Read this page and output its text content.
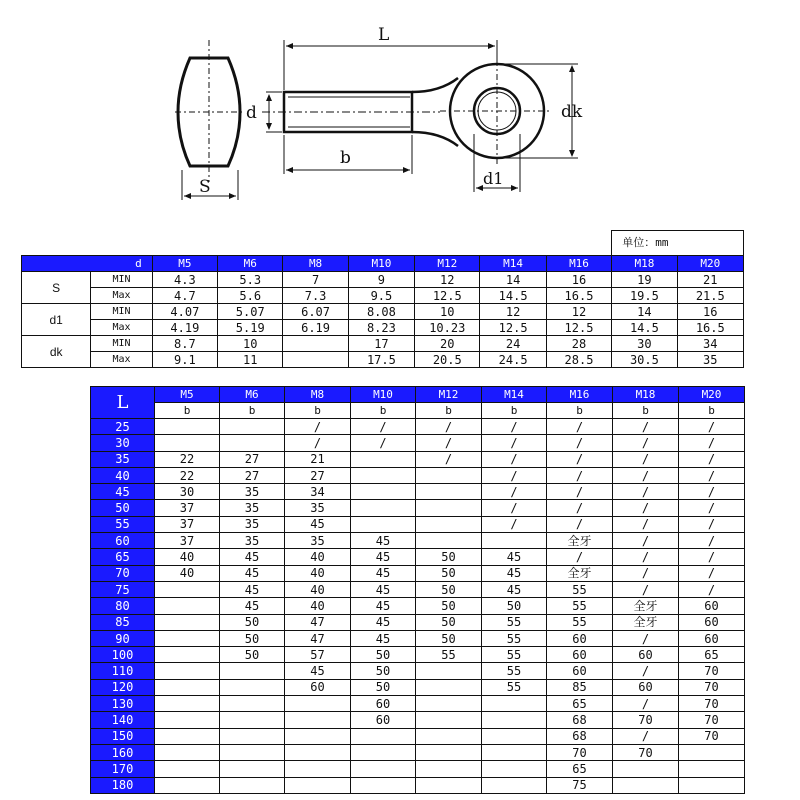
L
d
b
dk
d1
S
									单位：mm	
d		M5	M6	M8	M10	M12	M14	M16	M18	M20
S	MIN	4.3	5.3	7	9	12	14	16	19	21
	Max	4.7	5.6	7.3	9.5	12.5	14.5	16.5	19.5	21.5
d1	MIN	4.07	5.07	6.07	8.08	10	12	12	14	16
	Max	4.19	5.19	6.19	8.23	10.23	12.5	12.5	14.5	16.5
dk	MIN	8.7	10		17	20	24	28	30	34
	Max	9.1	11		17.5	20.5	24.5	28.5	30.5	35
L	M5	M6	M8	M10	M12	M14	M16	M18	M20
	b	b	b	b	b	b	b	b	b
25			/	/	/	/	/	/	/
30			/	/	/	/	/	/	/
35	22	27	21		/	/	/	/	/
40	22	27	27			/	/	/	/
45	30	35	34			/	/	/	/
50	37	35	35			/	/	/	/
55	37	35	45			/	/	/	/
60	37	35	35	45			全牙	/	/
65	40	45	40	45	50	45	/	/	/
70	40	45	40	45	50	45	全牙	/	/
75		45	40	45	50	45	55	/	/
80		45	40	45	50	50	55	全牙	60
85		50	47	45	50	55	55	全牙	60
90		50	47	45	50	55	60	/	60
100		50	57	50	55	55	60	60	65
110			45	50		55	60	/	70
120			60	50		55	85	60	70
130				60			65	/	70
140				60			68	70	70
150							68	/	70
160							70	70	
170							65		
180							75		
